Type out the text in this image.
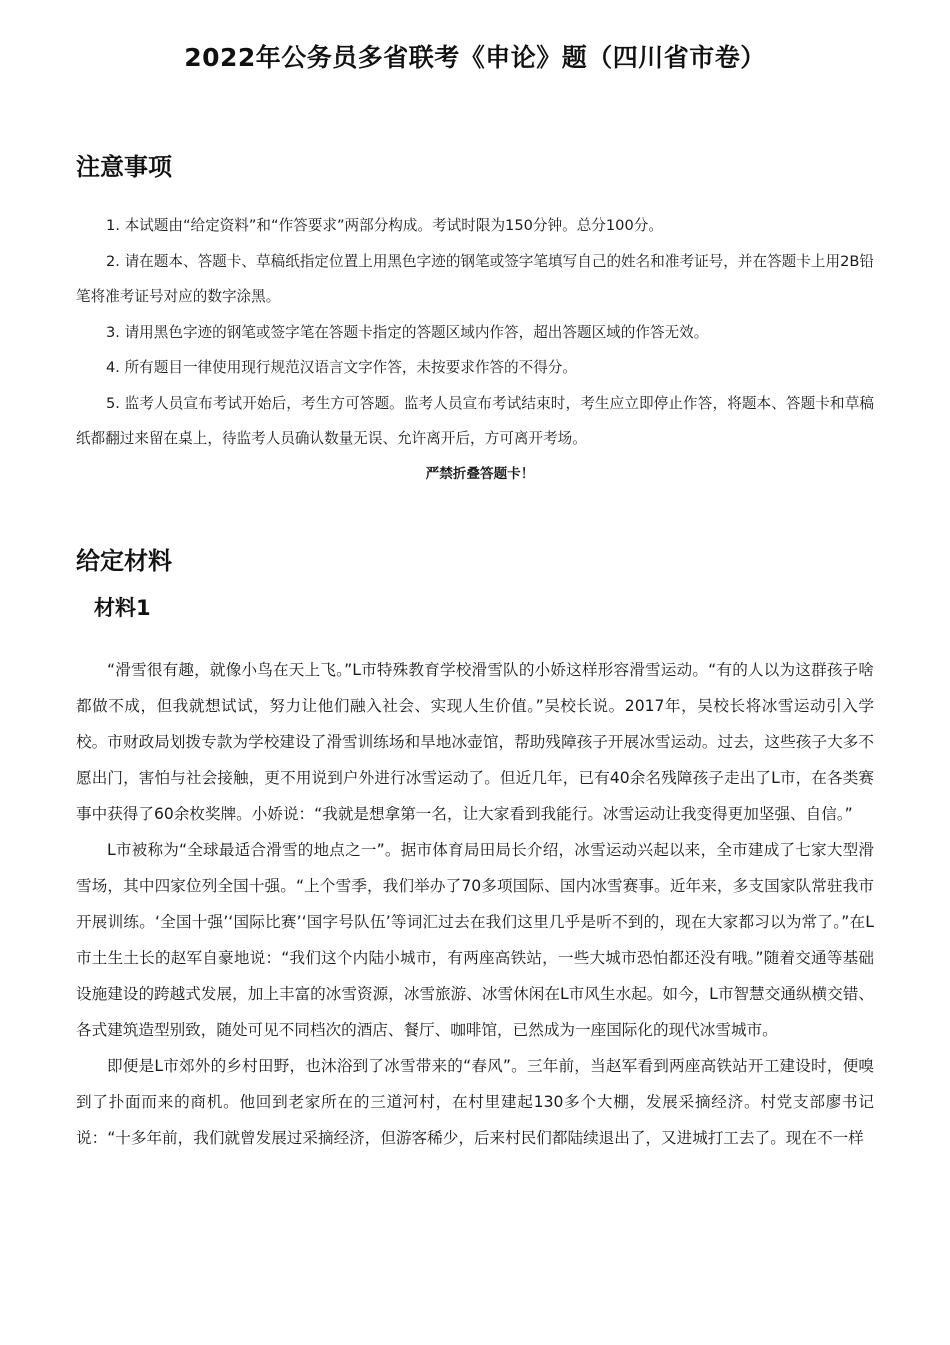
2022年公务员多省联考《申论》题（四川省市卷）
注意事项

1. 本试题由“给定资料”和“作答要求”两部分构成。考试时限为150分钟。总分100分。

2. 请在题本、答题卡、草稿纸指定位置上用黑色字迹的钢笔或签字笔填写自己的姓名和准考证号，并在答题卡上用2B铅笔将准考证号对应的数字涂黑。

3. 请用黑色字迹的钢笔或签字笔在答题卡指定的答题区域内作答，超出答题区域的作答无效。

4. 所有题目一律使用现行规范汉语言文字作答，未按要求作答的不得分。

5. 监考人员宣布考试开始后，考生方可答题。监考人员宣布考试结束时，考生应立即停止作答，将题本、答题卡和草稿纸都翻过来留在桌上，待监考人员确认数量无误、允许离开后，方可离开考场。

严禁折叠答题卡！

给定材料
材料1

“滑雪很有趣，就像小鸟在天上飞。”L市特殊教育学校滑雪队的小娇这样形容滑雪运动。“有的人以为这群孩子啥都做不成，但我就想试试，努力让他们融入社会、实现人生价值。”吴校长说。2017年，吴校长将冰雪运动引入学校。市财政局划拨专款为学校建设了滑雪训练场和旱地冰壶馆，帮助残障孩子开展冰雪运动。过去，这些孩子大多不愿出门，害怕与社会接触，更不用说到户外进行冰雪运动了。但近几年，已有40余名残障孩子走出了L市，在各类赛事中获得了60余枚奖牌。小娇说：“我就是想拿第一名，让大家看到我能行。冰雪运动让我变得更加坚强、自信。”

L市被称为“全球最适合滑雪的地点之一”。据市体育局田局长介绍，冰雪运动兴起以来，全市建成了七家大型滑雪场，其中四家位列全国十强。“上个雪季，我们举办了70多项国际、国内冰雪赛事。近年来，多支国家队常驻我市开展训练。‘全国十强’‘国际比赛’‘国字号队伍’等词汇过去在我们这里几乎是听不到的，现在大家都习以为常了。”在L市土生土长的赵军自豪地说：“我们这个内陆小城市，有两座高铁站，一些大城市恐怕都还没有哦。”随着交通等基础设施建设的跨越式发展，加上丰富的冰雪资源，冰雪旅游、冰雪休闲在L市风生水起。如今，L市智慧交通纵横交错、各式建筑造型别致，随处可见不同档次的酒店、餐厅、咖啡馆，已然成为一座国际化的现代冰雪城市。

即便是L市郊外的乡村田野，也沐浴到了冰雪带来的“春风”。三年前，当赵军看到两座高铁站开工建设时，便嗅到了扑面而来的商机。他回到老家所在的三道河村，在村里建起130多个大棚，发展采摘经济。村党支部廖书记说：“十多年前，我们就曾发展过采摘经济，但游客稀少，后来村民们都陆续退出了，又进城打工去了。现在不一样
